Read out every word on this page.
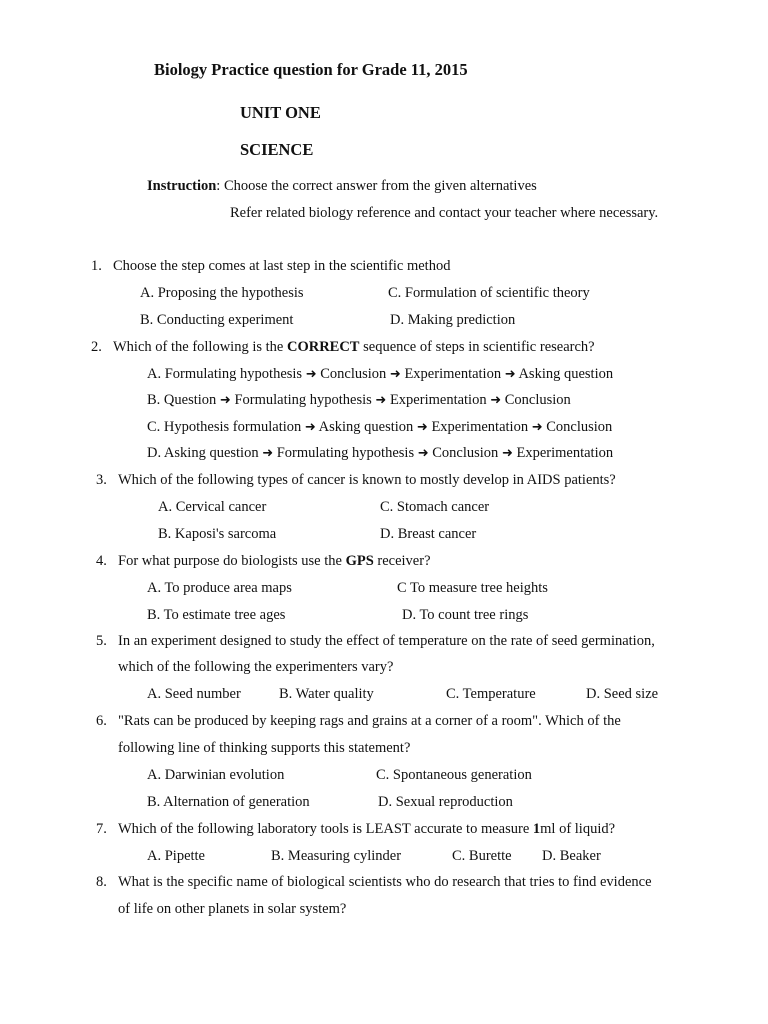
Biology Practice question for Grade 11, 2015
UNIT ONE
SCIENCE
Instruction: Choose the correct answer from the given alternatives
Refer related biology reference and contact your teacher where necessary.
1. Choose the step comes at last step in the scientific method
A. Proposing the hypothesis	C. Formulation of scientific theory
B. Conducting experiment	D. Making prediction
2. Which of the following is the CORRECT sequence of steps in scientific research?
A. Formulating hypothesis ➜ Conclusion ➜ Experimentation ➜ Asking question
B. Question ➜ Formulating hypothesis ➜ Experimentation ➜ Conclusion
C. Hypothesis formulation ➜ Asking question ➜ Experimentation ➜ Conclusion
D. Asking question ➜ Formulating hypothesis ➜ Conclusion ➜ Experimentation
3. Which of the following types of cancer is known to mostly develop in AIDS patients?
A. Cervical cancer	C. Stomach cancer
B. Kaposi's sarcoma	D. Breast cancer
4. For what purpose do biologists use the GPS receiver?
A. To produce area maps	C To measure tree heights
B. To estimate tree ages	D. To count tree rings
5. In an experiment designed to study the effect of temperature on the rate of seed germination,
which of the following the experimenters vary?
A. Seed number	B. Water quality	C. Temperature	D. Seed size
6. "Rats can be produced by keeping rags and grains at a corner of a room". Which of the
following line of thinking supports this statement?
A. Darwinian evolution	C. Spontaneous generation
B. Alternation of generation	D. Sexual reproduction
7. Which of the following laboratory tools is LEAST accurate to measure 1ml of liquid?
A. Pipette	B. Measuring cylinder	C. Burette D. Beaker
8. What is the specific name of biological scientists who do research that tries to find evidence
of life on other planets in solar system?
